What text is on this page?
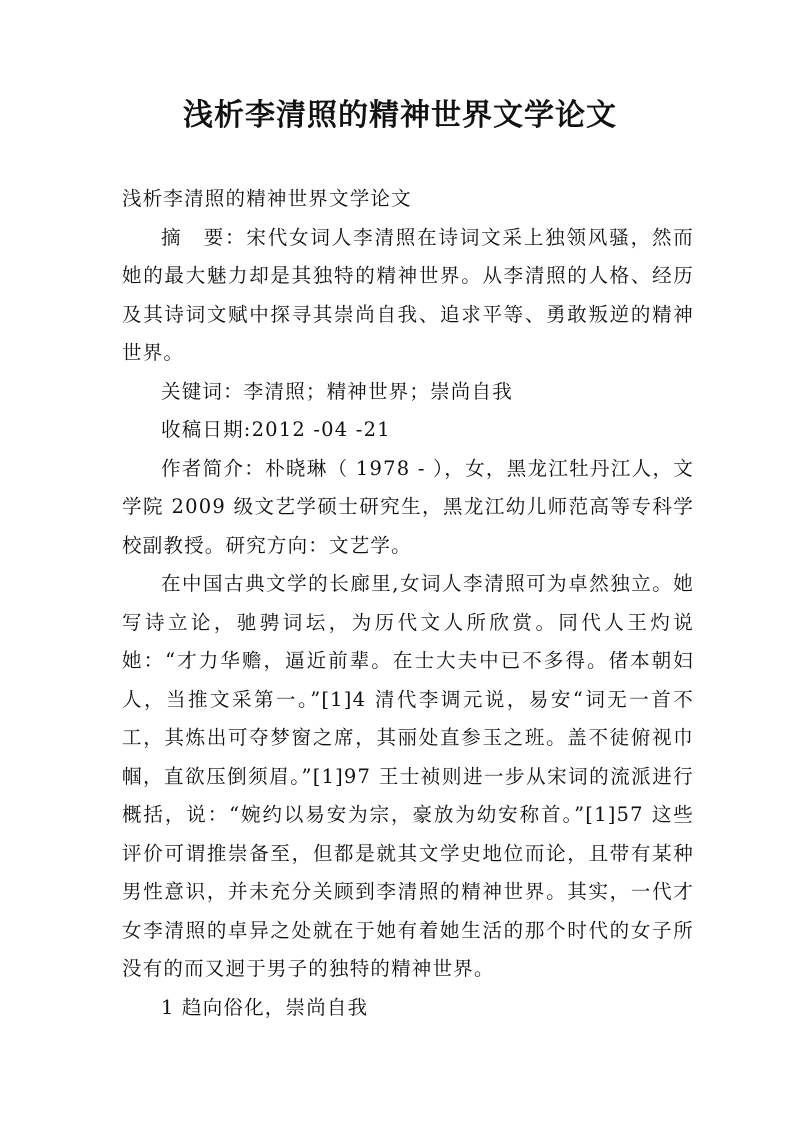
浅析李清照的精神世界文学论文

浅析李清照的精神世界文学论文

摘　要：宋代女词人李清照在诗词文采上独领风骚，然而她的最大魅力却是其独特的精神世界。从李清照的人格、经历及其诗词文赋中探寻其崇尚自我、追求平等、勇敢叛逆的精神世界。

关键词：李清照；精神世界；崇尚自我

收稿日期:2012 -04 -21

作者简介：朴晓琳（ 1978 - ），女，黑龙江牡丹江人，文学院 2009 级文艺学硕士研究生，黑龙江幼儿师范高等专科学校副教授。研究方向：文艺学。

在中国古典文学的长廊里,女词人李清照可为卓然独立。她写诗立论，驰骋词坛，为历代文人所欣赏。同代人王灼说她：“才力华赡，逼近前辈。在士大夫中已不多得。偖本朝妇人，当推文采第一。”[1]4 清代李调元说，易安“词无一首不工，其炼出可夺梦窗之席，其丽处直参玉之班。盖不徒俯视巾帼，直欲压倒须眉。”[1]97 王士祯则进一步从宋词的流派进行概括，说：“婉约以易安为宗，豪放为幼安称首。”[1]57 这些评价可谓推崇备至，但都是就其文学史地位而论，且带有某种男性意识，并未充分关顾到李清照的精神世界。其实，一代才女李清照的卓异之处就在于她有着她生活的那个时代的女子所没有的而又迥于男子的独特的精神世界。

1 趋向俗化，崇尚自我
